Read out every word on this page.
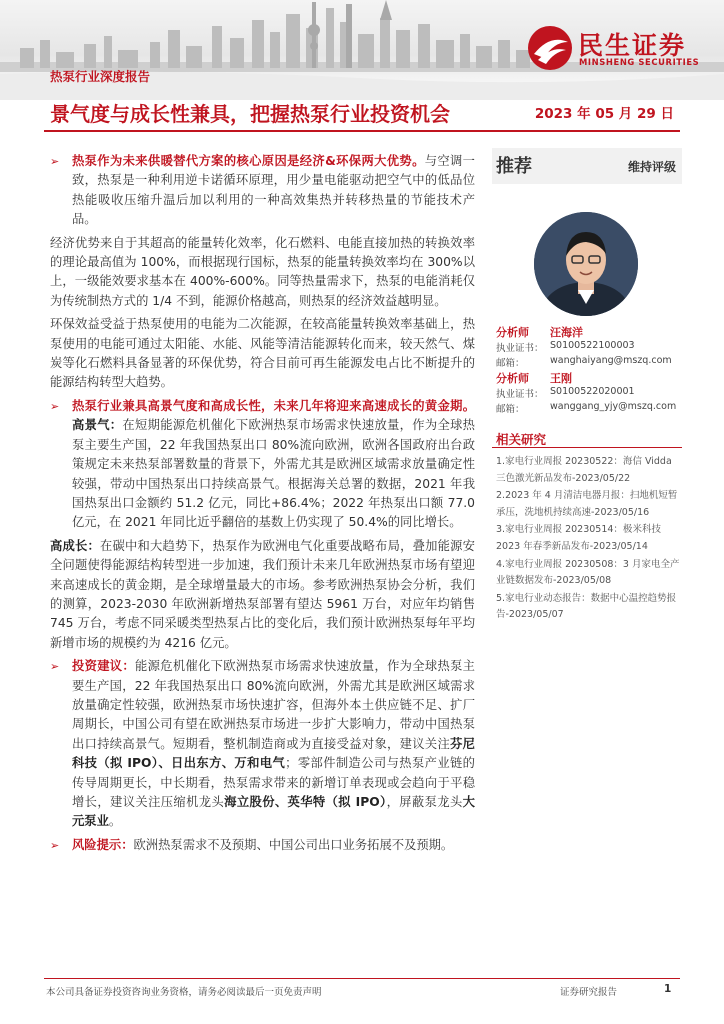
民生证券
MINSHENG SECURITIES
热泵行业深度报告
景气度与成长性兼具，把握热泵行业投资机会	2023 年 05 月 29 日

➢ 热泵作为未来供暖替代方案的核心原因是经济&环保两大优势。与空调一致，热泵是一种利用逆卡诺循环原理，用少量电能驱动把空气中的低品位热能吸收压缩升温后加以利用的一种高效集热并转移热量的节能技术产品。

经济优势来自于其超高的能量转化效率，化石燃料、电能直接加热的转换效率的理论最高值为 100%，而根据现行国标，热泵的能量转换效率均在 300%以上，一级能效要求基本在 400%-600%。同等热量需求下，热泵的电能消耗仅为传统制热方式的 1/4 不到，能源价格越高，则热泵的经济效益越明显。

环保效益受益于热泵使用的电能为二次能源，在较高能量转换效率基础上，热泵使用的电能可通过太阳能、水能、风能等清洁能源转化而来，较天然气、煤炭等化石燃料具备显著的环保优势，符合目前可再生能源发电占比不断提升的能源结构转型大趋势。

➢ 热泵行业兼具高景气度和高成长性，未来几年将迎来高速成长的黄金期。高景气：在短期能源危机催化下欧洲热泵市场需求快速放量，作为全球热泵主要生产国，22 年我国热泵出口 80%流向欧洲，欧洲各国政府出台政策规定未来热泵部署数量的背景下，外需尤其是欧洲区域需求放量确定性较强，带动中国热泵出口持续高景气。根据海关总署的数据，2021 年我国热泵出口金额约 51.2 亿元，同比+86.4%；2022 年热泵出口额 77.0 亿元，在 2021 年同比近乎翻倍的基数上仍实现了 50.4%的同比增长。

高成长：在碳中和大趋势下，热泵作为欧洲电气化重要战略布局，叠加能源安全问题使得能源结构转型进一步加速，我们预计未来几年欧洲热泵市场有望迎来高速成长的黄金期，是全球增量最大的市场。参考欧洲热泵协会分析，我们的测算，2023-2030 年欧洲新增热泵部署有望达 5961 万台，对应年均销售 745 万台，考虑不同采暖类型热泵占比的变化后，我们预计欧洲热泵每年平均新增市场的规模约为 4216 亿元。

➢ 投资建议：能源危机催化下欧洲热泵市场需求快速放量，作为全球热泵主要生产国，22 年我国热泵出口 80%流向欧洲，外需尤其是欧洲区域需求放量确定性较强，欧洲热泵市场快速扩容，但海外本土供应链不足、扩厂周期长，中国公司有望在欧洲热泵市场进一步扩大影响力，带动中国热泵出口持续高景气。短期看，整机制造商或为直接受益对象，建议关注芬尼科技（拟 IPO）、日出东方、万和电气；零部件制造公司与热泵产业链的传导周期更长，中长期看，热泵需求带来的新增订单表现或会趋向于平稳增长，建议关注压缩机龙头海立股份、英华特（拟 IPO），屏蔽泵龙头大元泵业。

➢ 风险提示：欧洲热泵需求不及预期、中国公司出口业务拓展不及预期。

推荐	维持评级
分析师 汪海洋
执业证书： S0100522100003
邮箱：	wanghaiyang@mszq.com
分析师 王刚
执业证书： S0100522020001
邮箱：	wanggang_yjy@mszq.com
相关研究
1.家电行业周报 20230522：海信 Vidda 三色激光新品发布-2023/05/22
2.2023 年 4 月清洁电器月报：扫地机短暂承压，洗地机持续高速-2023/05/16
3.家电行业周报 20230514：极米科技 2023 年春季新品发布-2023/05/14
4.家电行业周报 20230508：3 月家电全产业链数据发布-2023/05/08
5.家电行业动态报告：数据中心温控趋势报告-2023/05/07
本公司具备证券投资咨询业务资格，请务必阅读最后一页免责声明	证券研究报告	1
